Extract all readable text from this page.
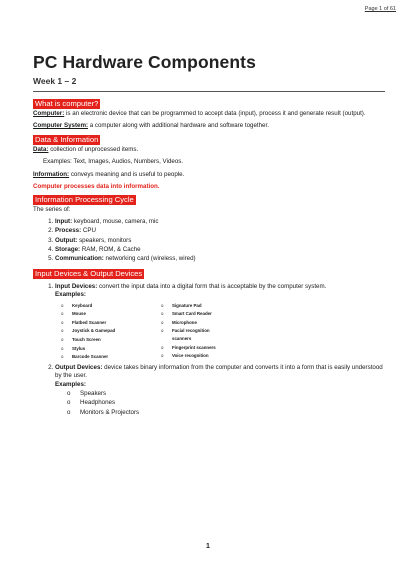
Page 1 of 61
PC Hardware Components
Week 1 – 2
What is computer?

Computer: is an electronic device that can be programmed to accept data (input), process it and generate result (output).

Computer System: a computer along with additional hardware and software together.

Data & Information

Data: collection of unprocessed items.

Examples: Text, Images, Audios, Numbers, Videos.

Information: conveys meaning and is useful to people.

Computer processes data into information.

Information Processing Cycle

The series of:

1. Input: keyboard, mouse, camera, mic
2. Process: CPU
3. Output: speakers, monitors
4. Storage: RAM, ROM, & Cache
5. Communication: networking card (wireless, wired)
Input Devices & Output Devices
1. Input Devices: convert the input data into a digital form that is acceptable by the computer system.
Examples:
o Keyboard
o Mouse
o Flatbed Scanner
o Joystick & Gamepad
o Touch Screen
o Stylus
o Barcode Scanner
o Signature Pad
o Smart Card Reader
o Microphone
o Facial recognition scanners
o Fingerprint scanners
o Voice recognition
2. Output Devices: device takes binary information from the computer and converts it into a form that is easily understood by the user.
Examples:
o Speakers
o Headphones
o Monitors & Projectors
1
